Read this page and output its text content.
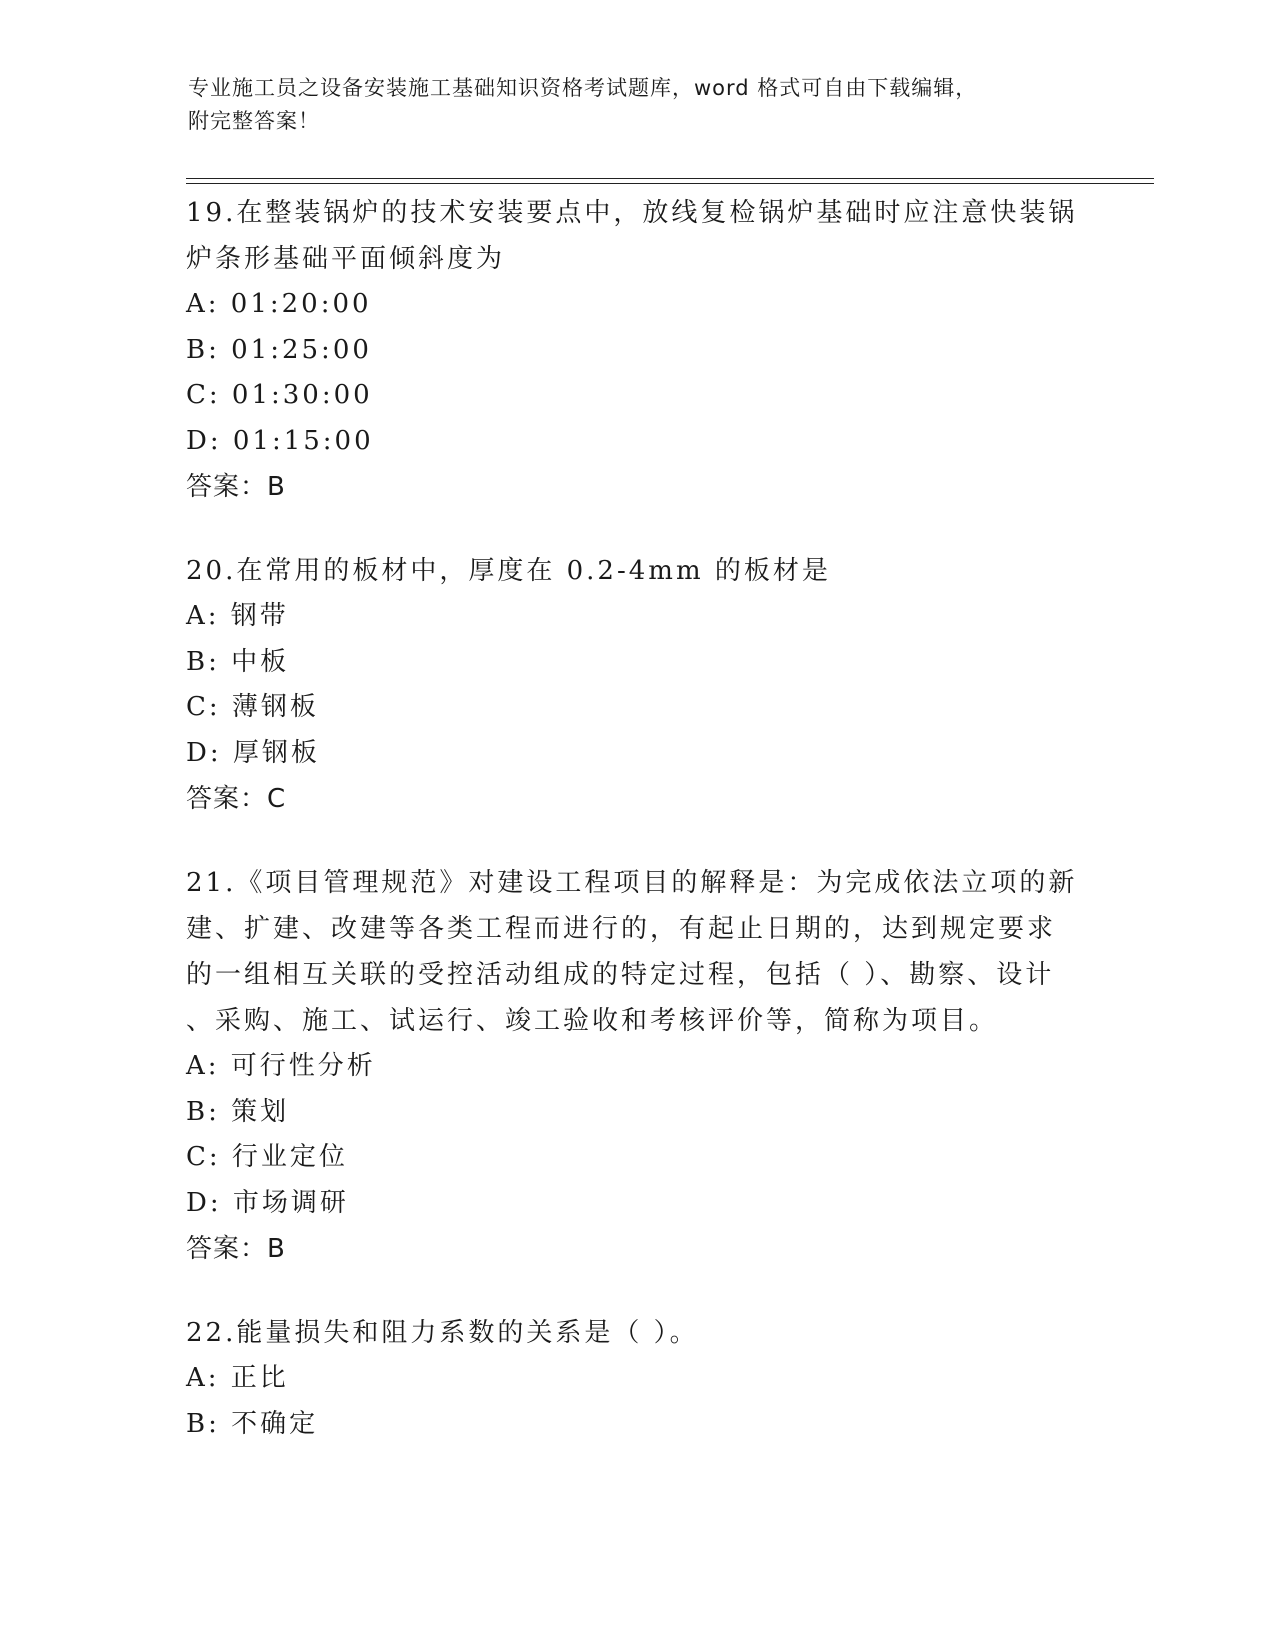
专业施工员之设备安装施工基础知识资格考试题库，word 格式可自由下载编辑，
附完整答案！

19.在整装锅炉的技术安装要点中，放线复检锅炉基础时应注意快装锅

炉条形基础平面倾斜度为

A: 01:20:00

B: 01:25:00

C: 01:30:00

D: 01:15:00

答案：B

20.在常用的板材中，厚度在 0.2-4mm 的板材是

A: 钢带

B: 中板

C: 薄钢板

D: 厚钢板

答案：C

21.《项目管理规范》对建设工程项目的解释是：为完成依法立项的新

建、扩建、改建等各类工程而进行的，有起止日期的，达到规定要求

的一组相互关联的受控活动组成的特定过程，包括（ ）、勘察、设计

、采购、施工、试运行、竣工验收和考核评价等，简称为项目。

A: 可行性分析

B: 策划

C: 行业定位

D: 市场调研

答案：B

22.能量损失和阻力系数的关系是（ ）。

A: 正比

B: 不确定
